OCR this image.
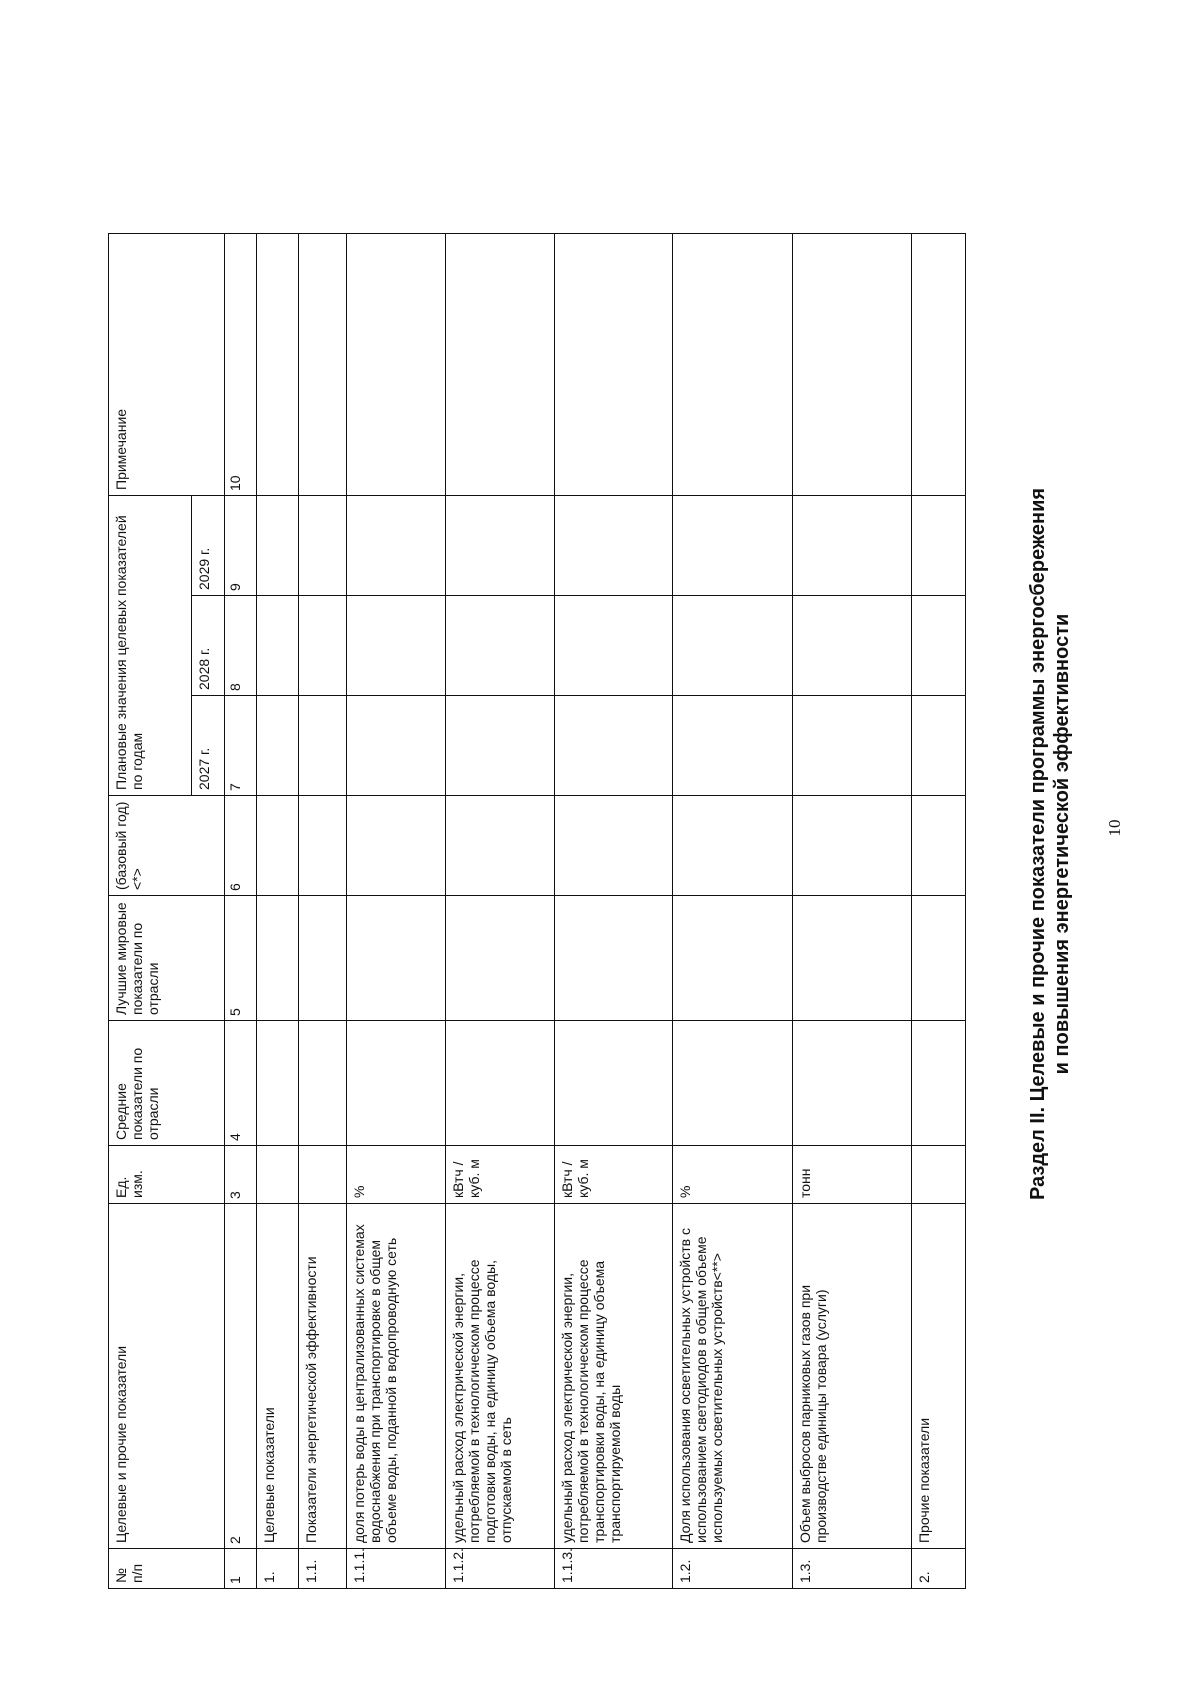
10
Раздел II. Целевые и прочие показатели программы энергосбережения и повышения энергетической эффективности
№ п/п	Целевые и прочие показатели	Ед. изм.	Средние показатели по отрасли	Лучшие мировые показатели по отрасли	(базовый год) <*>	Плановые значения целевых показателей по годам			Примечание
						2027 г.	2028 г.	2029 г.	
1	2	3	4	5	6	7	8	9	10
1.	Целевые показатели								
1.1.	Показатели энергетической эффективности								
1.1.1.	доля потерь воды в централизованных системах водоснабжения при транспортировке в общем объеме воды, поданной в водопроводную сеть	%							
1.1.2.	удельный расход электрической энергии, потребляемой в технологическом процессе подготовки воды, на единицу объема воды, отпускаемой в сеть	кВтч /куб. м							
1.1.3.	удельный расход электрической энергии, потребляемой в технологическом процессе транспортировки воды, на единицу объема транспортируемой воды	кВтч /куб. м							
1.2.	Доля использования осветительных устройств с использованием светодиодов в общем объеме используемых осветительных устройств<**>	%							
1.3.	Объем выбросов парниковых газов при производстве единицы товара (услуги)	тонн							
2.	Прочие показатели								
